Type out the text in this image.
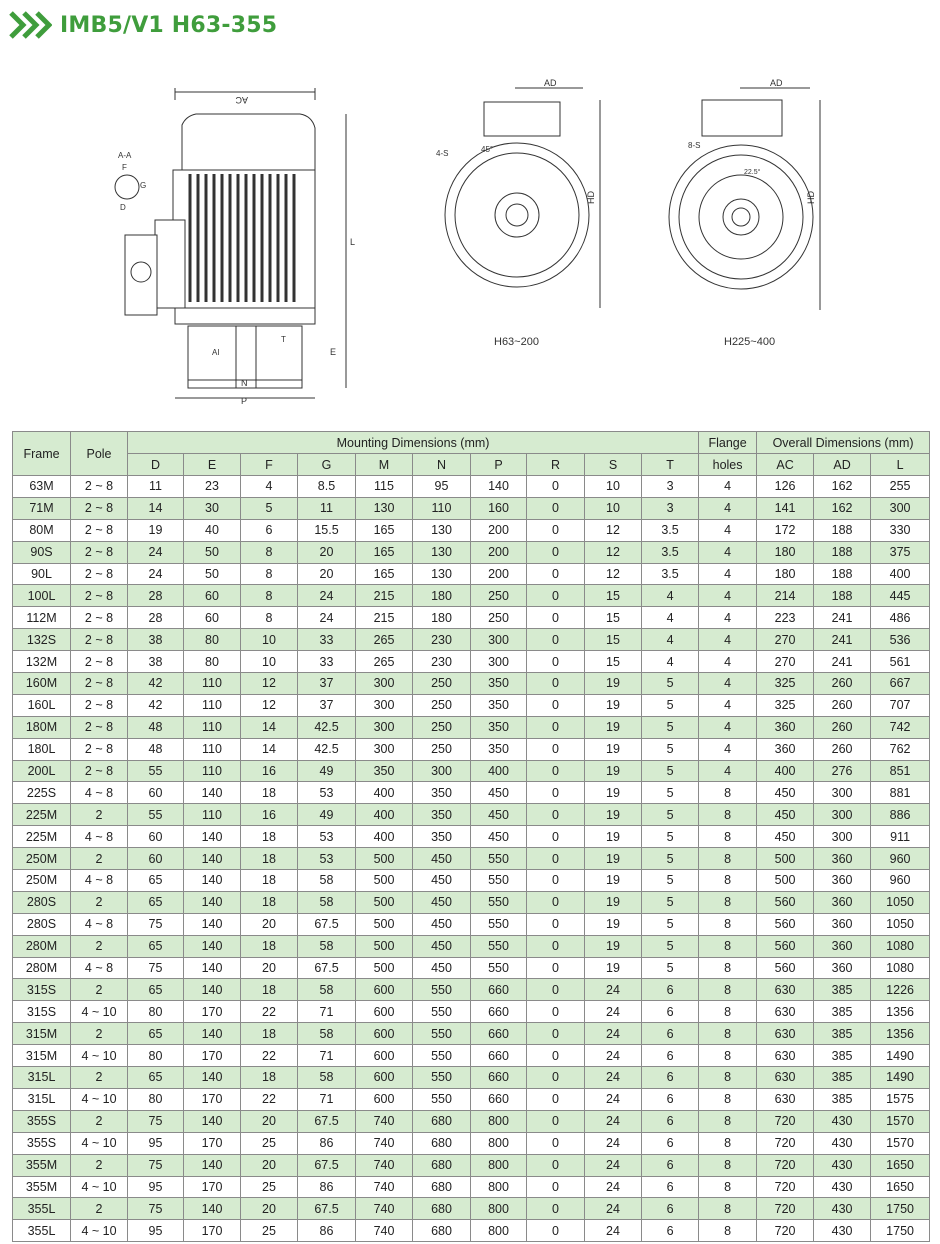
IMB5/V1 H63-355
AC
N
P
L
E
T
AI
A-A
F
G
D
AD
HD
4-S	45°
AD
HD
8-S
22.5°
H63~200	H225~400
Frame	Pole	Mounting Dimensions (mm)										Flange	Overall Dimensions (mm)		
		D	E	F	G	M	N	P	R	S	T	holes	AC	AD	L
63M	2 ~ 8	11	23	4	8.5	115	95	140	0	10	3	4	126	162	255
71M	2 ~ 8	14	30	5	11	130	110	160	0	10	3	4	141	162	300
80M	2 ~ 8	19	40	6	15.5	165	130	200	0	12	3.5	4	172	188	330
90S	2 ~ 8	24	50	8	20	165	130	200	0	12	3.5	4	180	188	375
90L	2 ~ 8	24	50	8	20	165	130	200	0	12	3.5	4	180	188	400
100L	2 ~ 8	28	60	8	24	215	180	250	0	15	4	4	214	188	445
112M	2 ~ 8	28	60	8	24	215	180	250	0	15	4	4	223	241	486
132S	2 ~ 8	38	80	10	33	265	230	300	0	15	4	4	270	241	536
132M	2 ~ 8	38	80	10	33	265	230	300	0	15	4	4	270	241	561
160M	2 ~ 8	42	110	12	37	300	250	350	0	19	5	4	325	260	667
160L	2 ~ 8	42	110	12	37	300	250	350	0	19	5	4	325	260	707
180M	2 ~ 8	48	110	14	42.5	300	250	350	0	19	5	4	360	260	742
180L	2 ~ 8	48	110	14	42.5	300	250	350	0	19	5	4	360	260	762
200L	2 ~ 8	55	110	16	49	350	300	400	0	19	5	4	400	276	851
225S	4 ~ 8	60	140	18	53	400	350	450	0	19	5	8	450	300	881
225M	2	55	110	16	49	400	350	450	0	19	5	8	450	300	886
225M	4 ~ 8	60	140	18	53	400	350	450	0	19	5	8	450	300	911
250M	2	60	140	18	53	500	450	550	0	19	5	8	500	360	960
250M	4 ~ 8	65	140	18	58	500	450	550	0	19	5	8	500	360	960
280S	2	65	140	18	58	500	450	550	0	19	5	8	560	360	1050
280S	4 ~ 8	75	140	20	67.5	500	450	550	0	19	5	8	560	360	1050
280M	2	65	140	18	58	500	450	550	0	19	5	8	560	360	1080
280M	4 ~ 8	75	140	20	67.5	500	450	550	0	19	5	8	560	360	1080
315S	2	65	140	18	58	600	550	660	0	24	6	8	630	385	1226
315S	4 ~ 10	80	170	22	71	600	550	660	0	24	6	8	630	385	1356
315M	2	65	140	18	58	600	550	660	0	24	6	8	630	385	1356
315M	4 ~ 10	80	170	22	71	600	550	660	0	24	6	8	630	385	1490
315L	2	65	140	18	58	600	550	660	0	24	6	8	630	385	1490
315L	4 ~ 10	80	170	22	71	600	550	660	0	24	6	8	630	385	1575
355S	2	75	140	20	67.5	740	680	800	0	24	6	8	720	430	1570
355S	4 ~ 10	95	170	25	86	740	680	800	0	24	6	8	720	430	1570
355M	2	75	140	20	67.5	740	680	800	0	24	6	8	720	430	1650
355M	4 ~ 10	95	170	25	86	740	680	800	0	24	6	8	720	430	1650
355L	2	75	140	20	67.5	740	680	800	0	24	6	8	720	430	1750
355L	4 ~ 10	95	170	25	86	740	680	800	0	24	6	8	720	430	1750
